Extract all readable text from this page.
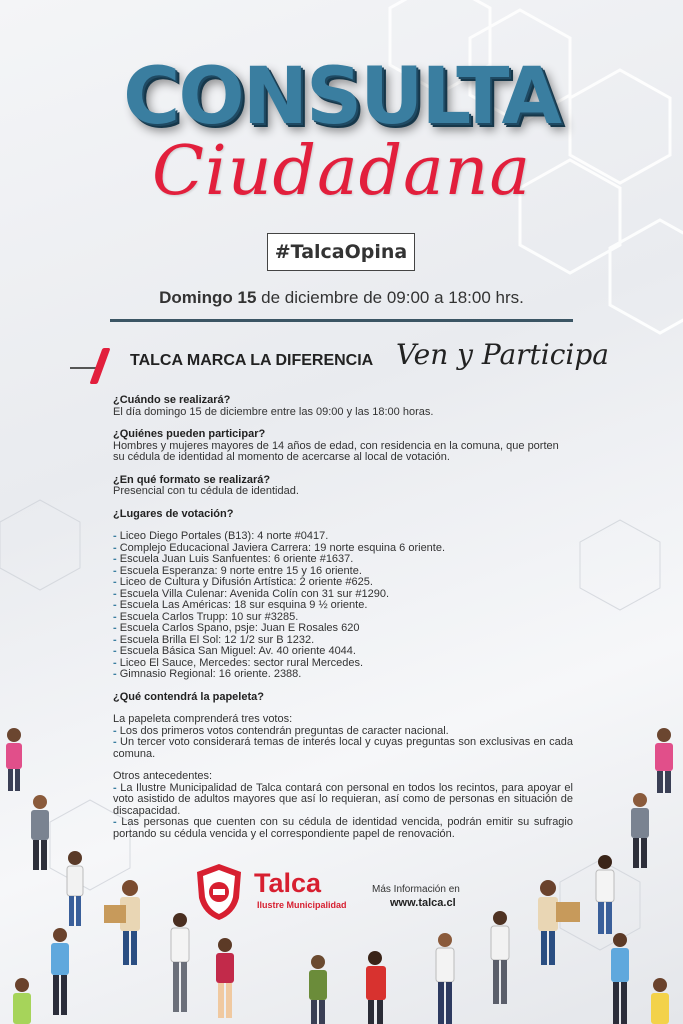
CONSULTA
Ciudadana
#TalcaOpina
Domingo 15 de diciembre de 09:00 a 18:00 hrs.
TALCA MARCA LA DIFERENCIA Ven y Participa
¿Cuándo se realizará?
El día domingo 15 de diciembre entre las 09:00 y las 18:00 horas.
¿Quiénes pueden participar?
Hombres y mujeres mayores de 14 años de edad, con residencia en la comuna, que porten su cédula de identidad al momento de acercarse al local de votación.
¿En qué formato se realizará?
Presencial con tu cédula de identidad.
¿Lugares de votación?
- Liceo Diego Portales (B13): 4 norte #0417.
- Complejo Educacional Javiera Carrera: 19 norte esquina 6 oriente.
- Escuela Juan Luis Sanfuentes: 6 oriente #1637.
- Escuela Esperanza: 9 norte entre 15 y 16 oriente.
- Liceo de Cultura y Difusión Artística: 2 oriente #625.
- Escuela Villa Culenar: Avenida Colín con 31 sur #1290.
- Escuela Las Américas: 18 sur esquina 9 ½ oriente.
- Escuela Carlos Trupp: 10 sur #3285.
- Escuela Carlos Spano, psje: Juan E Rosales 620
- Escuela Brilla El Sol: 12 1/2 sur B 1232.
- Escuela Básica San Miguel: Av. 40 oriente 4044.
- Liceo El Sauce, Mercedes: sector rural Mercedes.
- Gimnasio Regional: 16 oriente. 2388.
¿Qué contendrá la papeleta?
La papeleta comprenderá tres votos:
- Los dos primeros votos contendrán preguntas de caracter nacional.
- Un tercer voto considerará temas de interés local y cuyas preguntas son exclusivas en cada comuna.
Otros antecedentes:
- La Ilustre Municipalidad de Talca contará con personal en todos los recintos, para apoyar el voto asistido de adultos mayores que así lo requieran, así como de personas en situación de discapacidad.
- Las personas que cuenten con su cédula de identidad vencida, podrán emitir su sufragio portando su cédula vencida y el correspondiente papel de renovación.
Talca
Ilustre Municipalidad
Más Información en
www.talca.cl
